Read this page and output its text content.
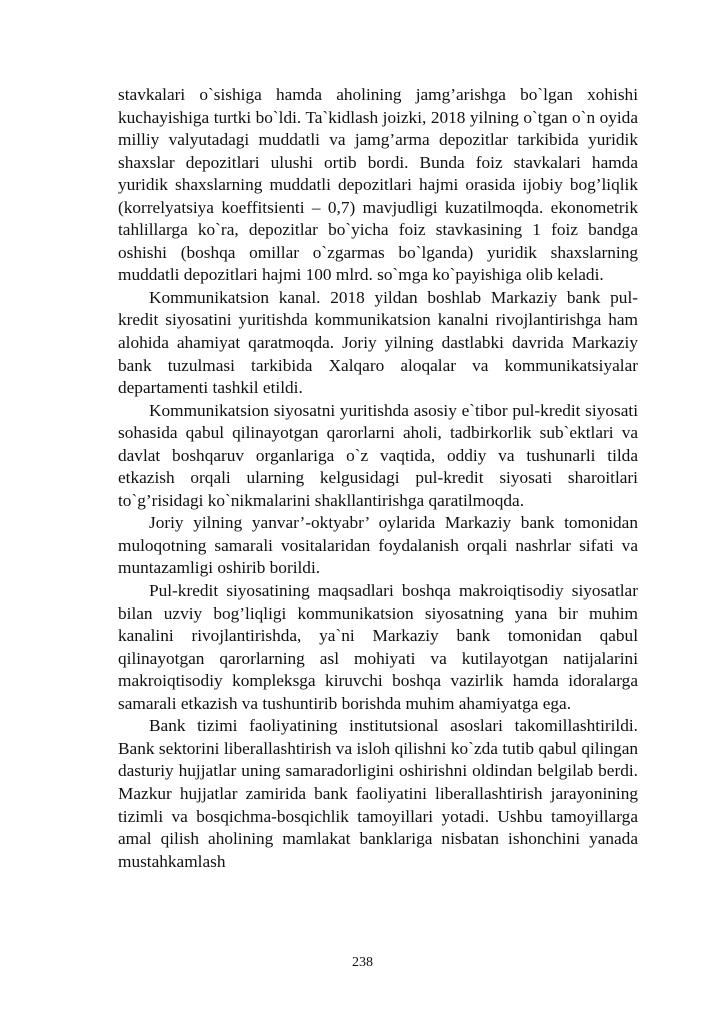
stavkalari o`sishiga hamda aholining jamg’arishga bo`lgan xohishi kuchayishiga turtki bo`ldi. Ta`kidlash joizki, 2018 yilning o`tgan o`n oyida milliy valyutadagi muddatli va jamg’arma depozitlar tarkibida yuridik shaxslar depozitlari ulushi ortib bordi. Bunda foiz stavkalari hamda yuridik shaxslarning muddatli depozitlari hajmi orasida ijobiy bog’liqlik (korrelyatsiya koeffitsienti – 0,7) mavjudligi kuzatilmoqda. ekonometrik tahlillarga ko`ra, depozitlar bo`yicha foiz stavkasining 1 foiz bandga oshishi (boshqa omillar o`zgarmas bo`lganda) yuridik shaxslarning muddatli depozitlari hajmi 100 mlrd. so`mga ko`payishiga olib keladi.

Kommunikatsion kanal. 2018 yildan boshlab Markaziy bank pul-kredit siyosatini yuritishda kommunikatsion kanalni rivojlantirishga ham alohida ahamiyat qaratmoqda. Joriy yilning dastlabki davrida Markaziy bank tuzulmasi tarkibida Xalqaro aloqalar va kommunikatsiyalar departamenti tashkil etildi.

Kommunikatsion siyosatni yuritishda asosiy e`tibor pul-kredit siyosati sohasida qabul qilinayotgan qarorlarni aholi, tadbirkorlik sub`ektlari va davlat boshqaruv organlariga o`z vaqtida, oddiy va tushunarli tilda etkazish orqali ularning kelgusidagi pul-kredit siyosati sharoitlari to`g’risidagi ko`nikmalarini shakllantirishga qaratilmoqda.

Joriy yilning yanvar’-oktyabr’ oylarida Markaziy bank tomonidan muloqotning samarali vositalaridan foydalanish orqali nashrlar sifati va muntazamligi oshirib borildi.

Pul-kredit siyosatining maqsadlari boshqa makroiqtisodiy siyosatlar bilan uzviy bog’liqligi kommunikatsion siyosatning yana bir muhim kanalini rivojlantirishda, ya`ni Markaziy bank tomonidan qabul qilinayotgan qarorlarning asl mohiyati va kutilayotgan natijalarini makroiqtisodiy kompleksga kiruvchi boshqa vazirlik hamda idoralarga samarali etkazish va tushuntirib borishda muhim ahamiyatga ega.

Bank tizimi faoliyatining institutsional asoslari takomillashtirildi. Bank sektorini liberallashtirish va isloh qilishni ko`zda tutib qabul qilingan dasturiy hujjatlar uning samaradorligini oshirishni oldindan belgilab berdi. Mazkur hujjatlar zamirida bank faoliyatini liberallashtirish jarayonining tizimli va bosqichma-bosqichlik tamoyillari yotadi. Ushbu tamoyillarga amal qilish aholining mamlakat banklariga nisbatan ishonchini yanada mustahkamlash

238
